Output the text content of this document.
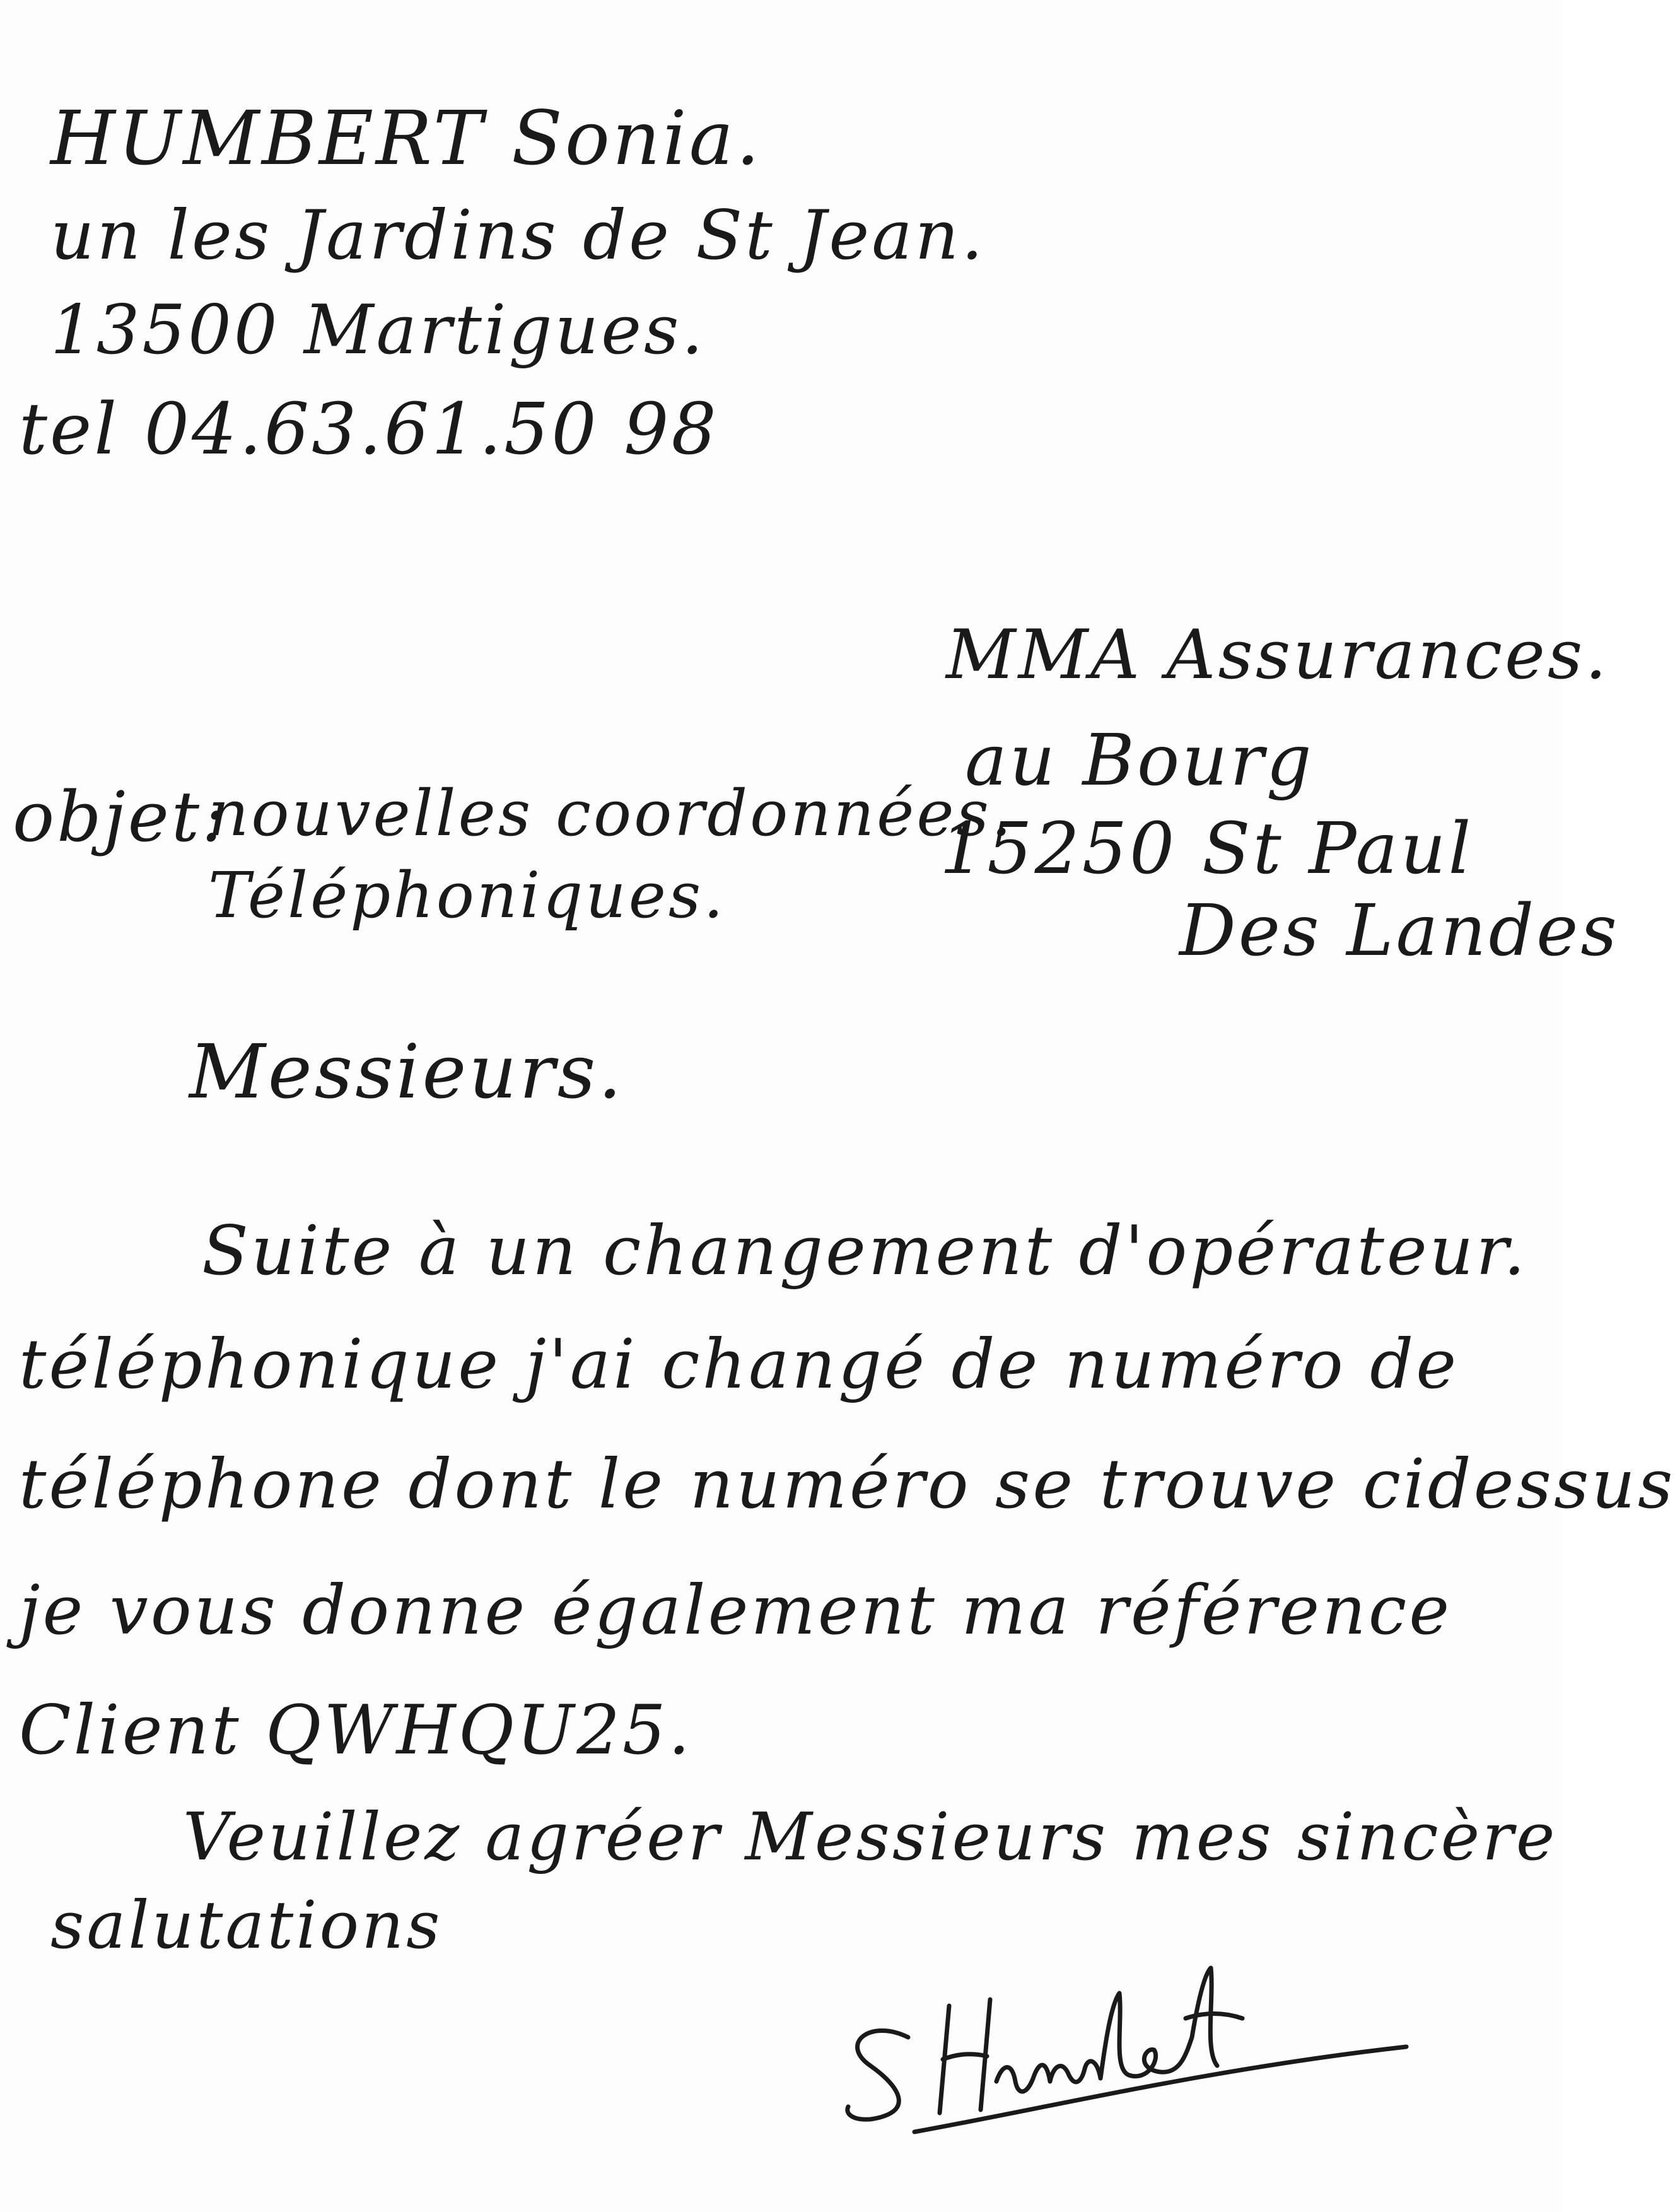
HUMBERT Sonia.
un les Jardins de St Jean.
13500 Martigues.
tel 04.63.61.50 98
MMA Assurances.
au Bourg
15250 St Paul
Des Landes
objet:
nouvelles coordonnées.
Téléphoniques.
Messieurs.
Suite à un changement d'opérateur.
téléphonique j'ai changé de numéro de
téléphone dont le numéro se trouve cidessus
je vous donne également ma référence
Client QWHQU25.
Veuillez agréer Messieurs mes sincère
salutations
